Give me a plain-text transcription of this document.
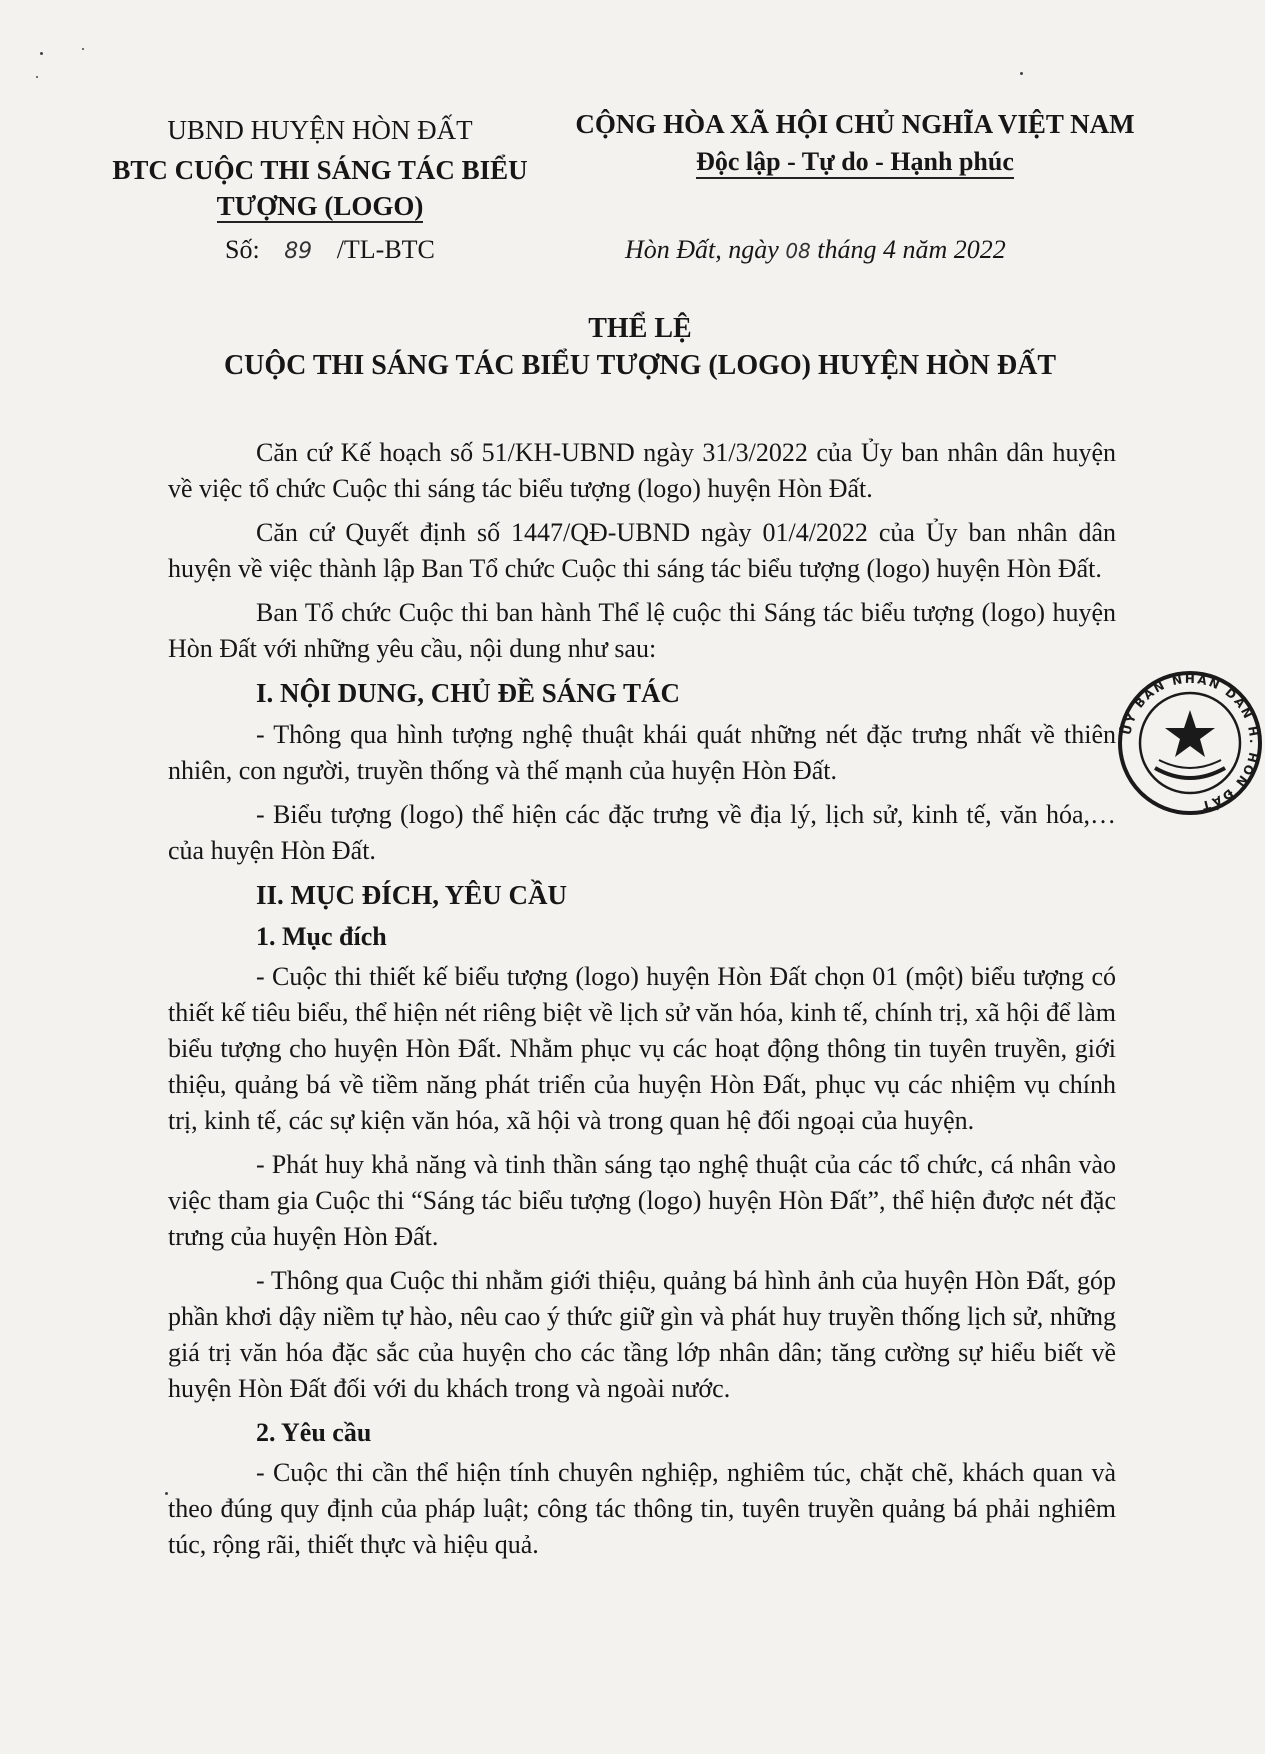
UBND HUYỆN HÒN ĐẤT
BTC CUỘC THI SÁNG TÁC BIỂU
TƯỢNG (LOGO)
CỘNG HÒA XÃ HỘI CHỦ NGHĨA VIỆT NAM
Độc lập - Tự do - Hạnh phúc
Số: 89 /TL-BTC	Hòn Đất, ngày 08 tháng 4 năm 2022
THỂ LỆ
CUỘC THI SÁNG TÁC BIỂU TƯỢNG (LOGO) HUYỆN HÒN ĐẤT

Căn cứ Kế hoạch số 51/KH-UBND ngày 31/3/2022 của Ủy ban nhân dân huyện về việc tổ chức Cuộc thi sáng tác biểu tượng (logo) huyện Hòn Đất.

Căn cứ Quyết định số 1447/QĐ-UBND ngày 01/4/2022 của Ủy ban nhân dân huyện về việc thành lập Ban Tổ chức Cuộc thi sáng tác biểu tượng (logo) huyện Hòn Đất.

Ban Tổ chức Cuộc thi ban hành Thể lệ cuộc thi Sáng tác biểu tượng (logo) huyện Hòn Đất với những yêu cầu, nội dung như sau:

I. NỘI DUNG, CHỦ ĐỀ SÁNG TÁC

- Thông qua hình tượng nghệ thuật khái quát những nét đặc trưng nhất về thiên nhiên, con người, truyền thống và thế mạnh của huyện Hòn Đất.

- Biểu tượng (logo) thể hiện các đặc trưng về địa lý, lịch sử, kinh tế, văn hóa,… của huyện Hòn Đất.

II. MỤC ĐÍCH, YÊU CẦU
1. Mục đích

- Cuộc thi thiết kế biểu tượng (logo) huyện Hòn Đất chọn 01 (một) biểu tượng có thiết kế tiêu biểu, thể hiện nét riêng biệt về lịch sử văn hóa, kinh tế, chính trị, xã hội để làm biểu tượng cho huyện Hòn Đất. Nhằm phục vụ các hoạt động thông tin tuyên truyền, giới thiệu, quảng bá về tiềm năng phát triển của huyện Hòn Đất, phục vụ các nhiệm vụ chính trị, kinh tế, các sự kiện văn hóa, xã hội và trong quan hệ đối ngoại của huyện.

- Phát huy khả năng và tinh thần sáng tạo nghệ thuật của các tổ chức, cá nhân vào việc tham gia Cuộc thi “Sáng tác biểu tượng (logo) huyện Hòn Đất”, thể hiện được nét đặc trưng của huyện Hòn Đất.

- Thông qua Cuộc thi nhằm giới thiệu, quảng bá hình ảnh của huyện Hòn Đất, góp phần khơi dậy niềm tự hào, nêu cao ý thức giữ gìn và phát huy truyền thống lịch sử, những giá trị văn hóa đặc sắc của huyện cho các tầng lớp nhân dân; tăng cường sự hiểu biết về huyện Hòn Đất đối với du khách trong và ngoài nước.

2. Yêu cầu

- Cuộc thi cần thể hiện tính chuyên nghiệp, nghiêm túc, chặt chẽ, khách quan và theo đúng quy định của pháp luật; công tác thông tin, tuyên truyền quảng bá phải nghiêm túc, rộng rãi, thiết thực và hiệu quả.

ỦY BAN NHÂN DÂN H. HÒN ĐẤT
